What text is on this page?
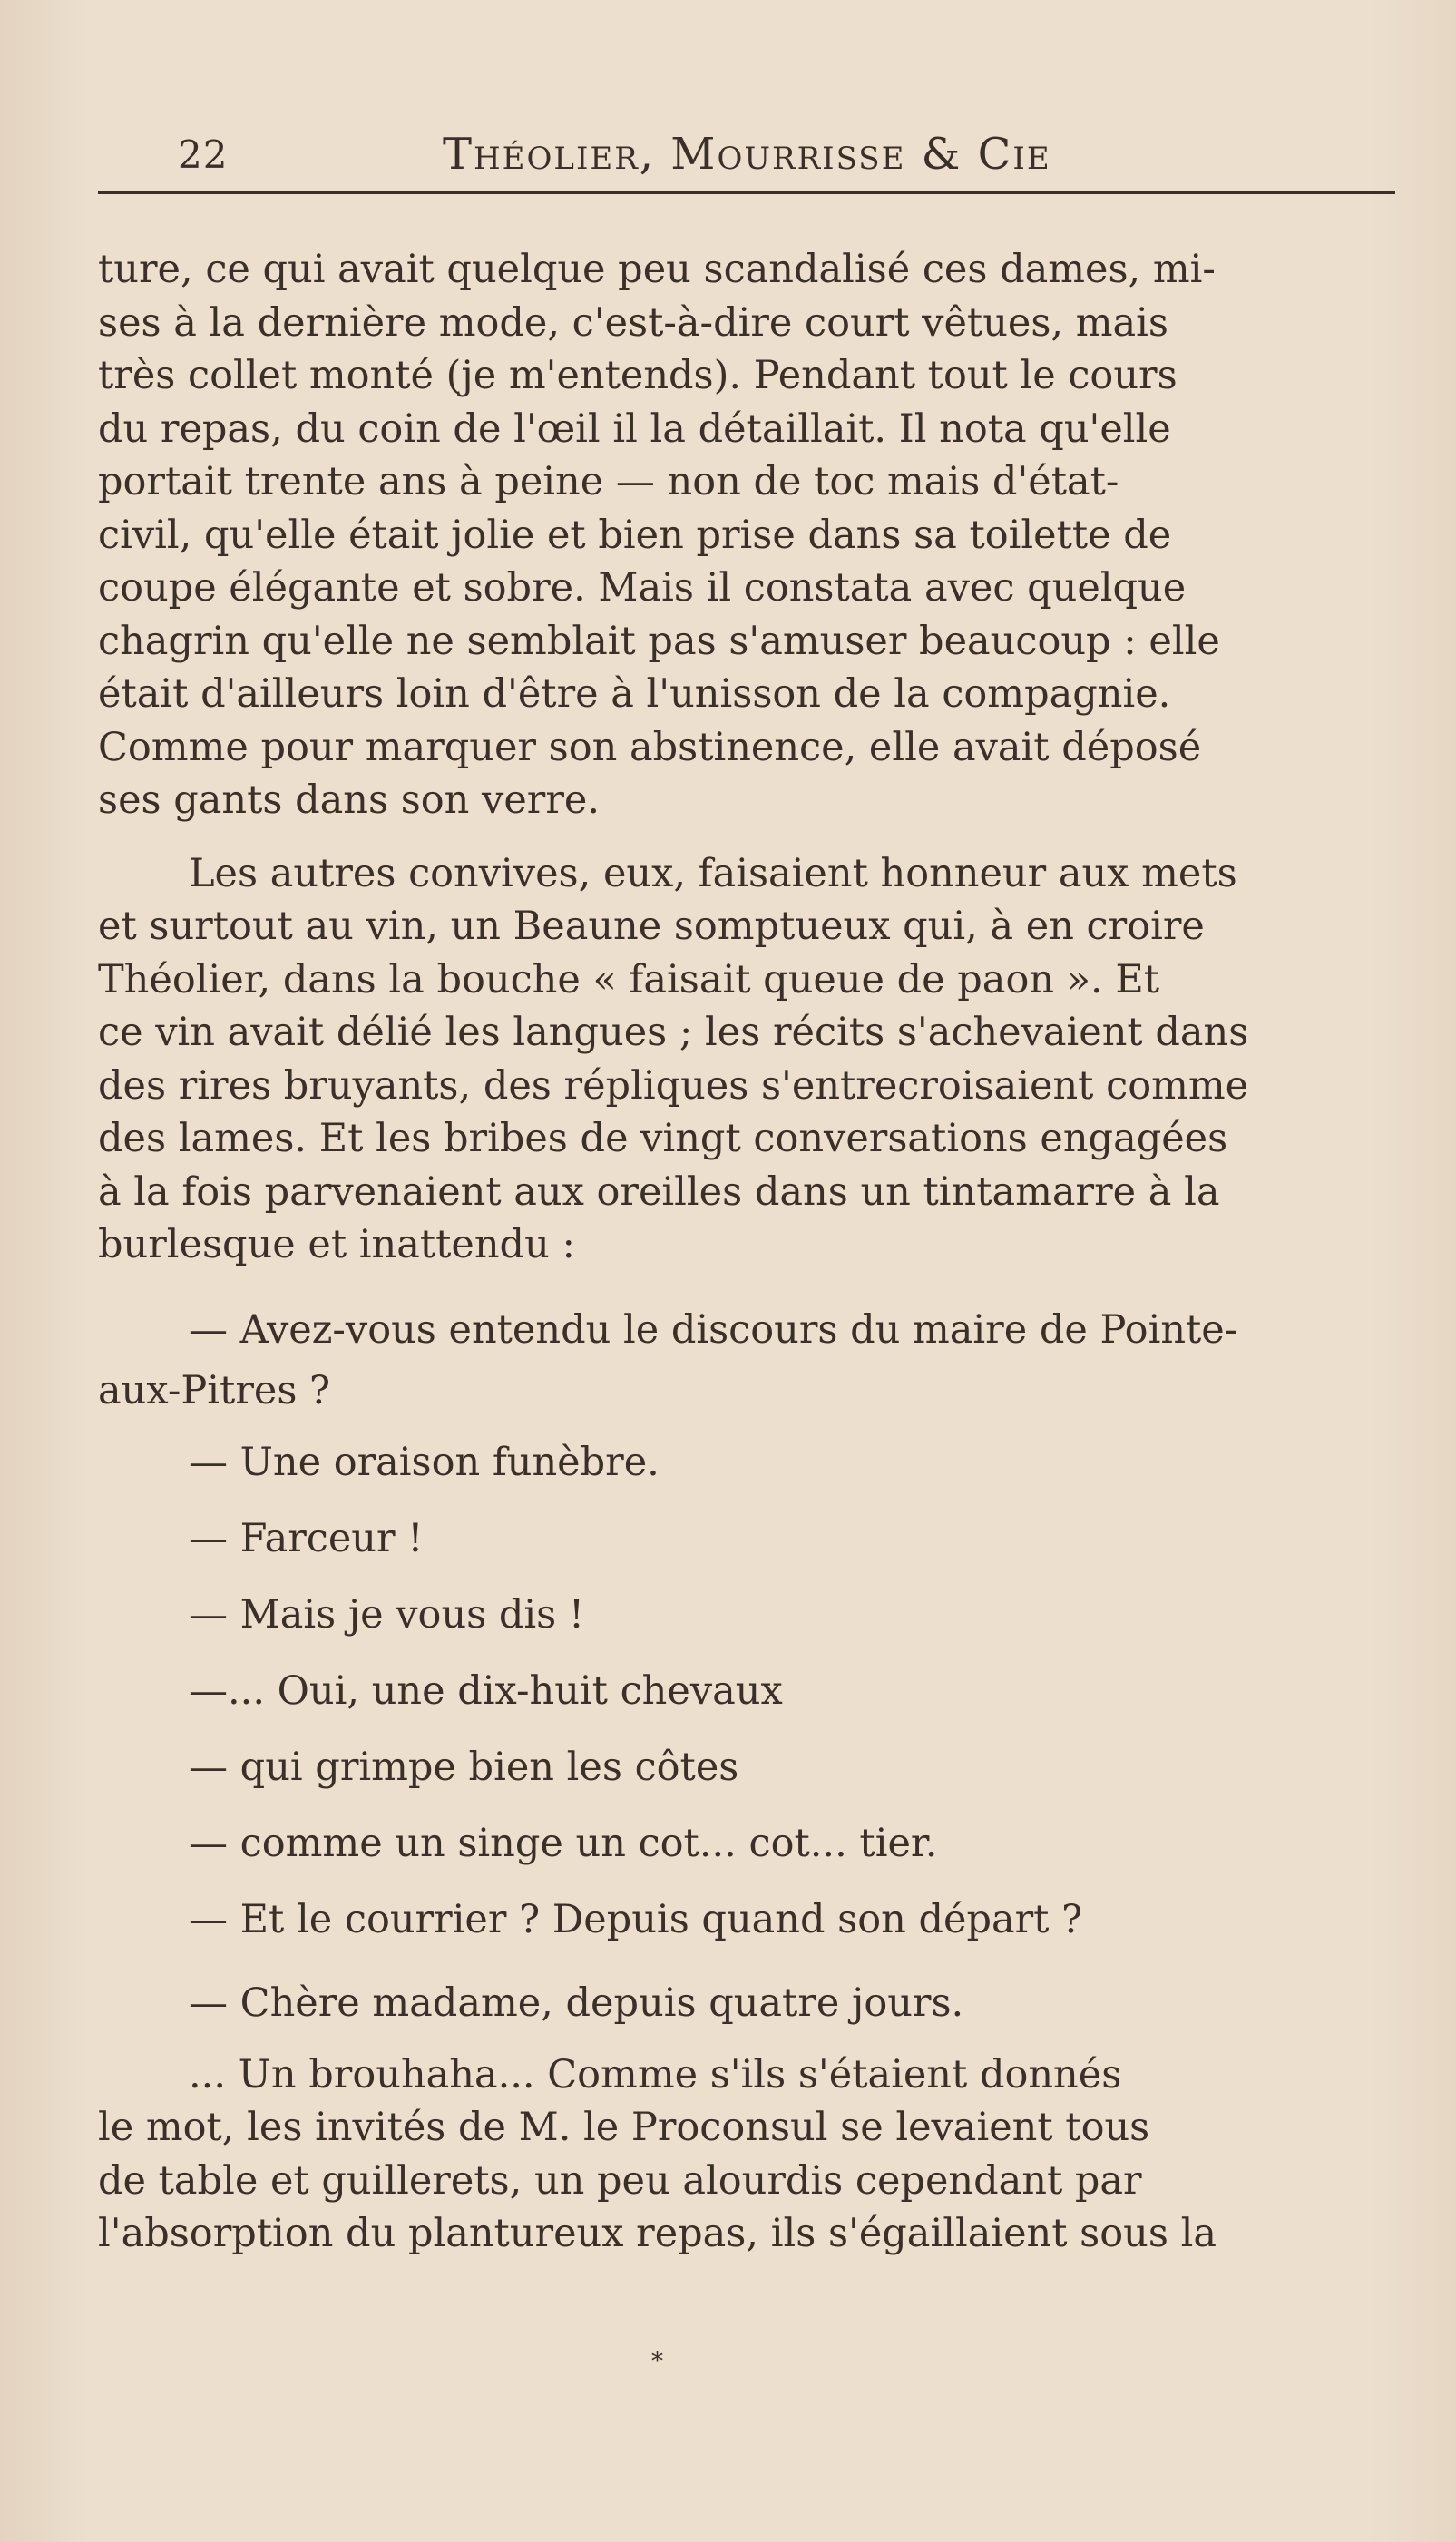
22	Théolier, Mourrisse & Cie

ture, ce qui avait quelque peu scandalisé ces dames, mi-
ses à la dernière mode, c'est-à-dire court vêtues, mais
très collet monté (je m'entends). Pendant tout le cours
du repas, du coin de l'œil il la détaillait. Il nota qu'elle
portait trente ans à peine — non de toc mais d'état-
civil, qu'elle était jolie et bien prise dans sa toilette de
coupe élégante et sobre. Mais il constata avec quelque
chagrin qu'elle ne semblait pas s'amuser beaucoup : elle
était d'ailleurs loin d'être à l'unisson de la compagnie.
Comme pour marquer son abstinence, elle avait déposé
ses gants dans son verre.

Les autres convives, eux, faisaient honneur aux mets
et surtout au vin, un Beaune somptueux qui, à en croire
Théolier, dans la bouche « faisait queue de paon ». Et
ce vin avait délié les langues ; les récits s'achevaient dans
des rires bruyants, des répliques s'entrecroisaient comme
des lames. Et les bribes de vingt conversations engagées
à la fois parvenaient aux oreilles dans un tintamarre à la
burlesque et inattendu :

— Avez-vous entendu le discours du maire de Pointe-
aux-Pitres ?
— Une oraison funèbre.
— Farceur !
— Mais je vous dis !
—... Oui, une dix-huit chevaux
— qui grimpe bien les côtes
— comme un singe un cot... cot... tier.
— Et le courrier ? Depuis quand son départ ?
— Chère madame, depuis quatre jours.

... Un brouhaha... Comme s'ils s'étaient donnés
le mot, les invités de M. le Proconsul se levaient tous
de table et guillerets, un peu alourdis cependant par
l'absorption du plantureux repas, ils s'égaillaient sous la

*
